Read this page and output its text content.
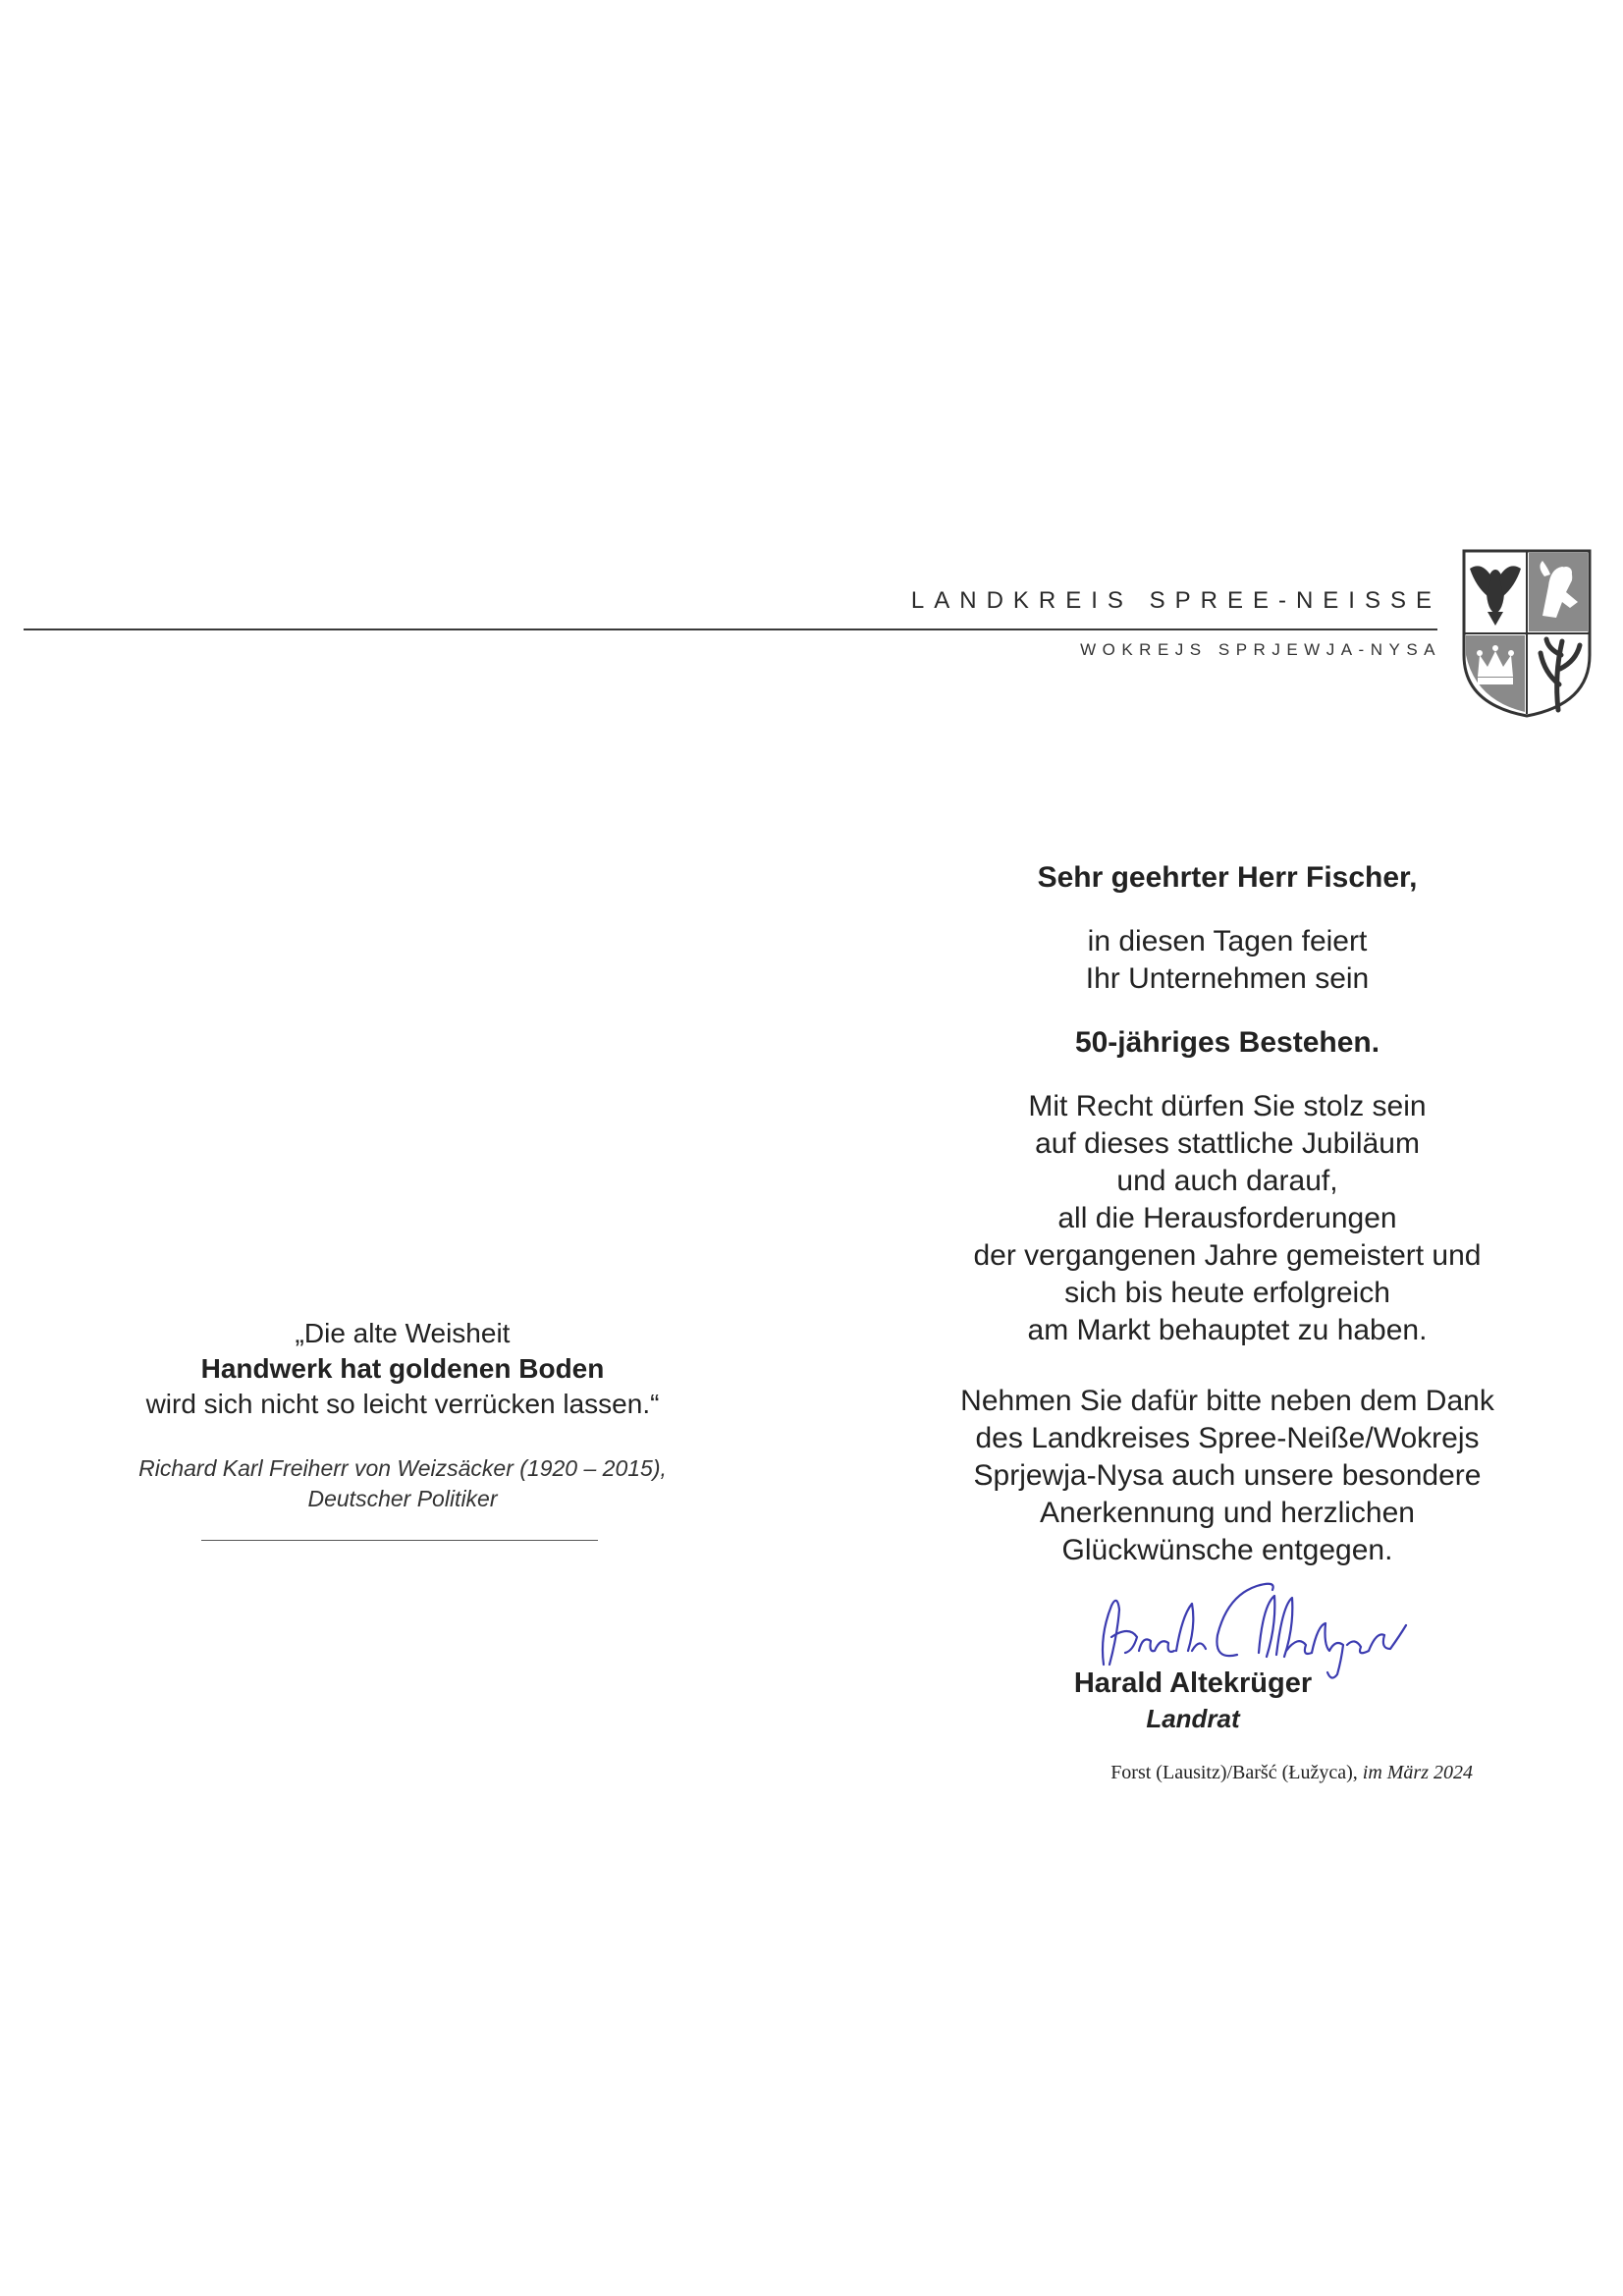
LANDKREIS SPREE-NEISSE
WOKREJS SPRJEWJA-NYSA
Sehr geehrter Herr Fischer,
in diesen Tagen feiert
Ihr Unternehmen sein
50-jähriges Bestehen.
Mit Recht dürfen Sie stolz sein
auf dieses stattliche Jubiläum
und auch darauf,
all die Herausforderungen
der vergangenen Jahre gemeistert und
sich bis heute erfolgreich
am Markt behauptet zu haben.
Nehmen Sie dafür bitte neben dem Dank
des Landkreises Spree-Neiße/Wokrejs
Sprjewja-Nysa auch unsere besondere
Anerkennung und herzlichen
Glückwünsche entgegen.
Harald Altekrüger
Landrat
Forst (Lausitz)/Baršć (Łužyca), im März 2024
„Die alte Weisheit
Handwerk hat goldenen Boden
wird sich nicht so leicht verrücken lassen.“
Richard Karl Freiherr von Weizsäcker (1920 – 2015),
Deutscher Politiker
